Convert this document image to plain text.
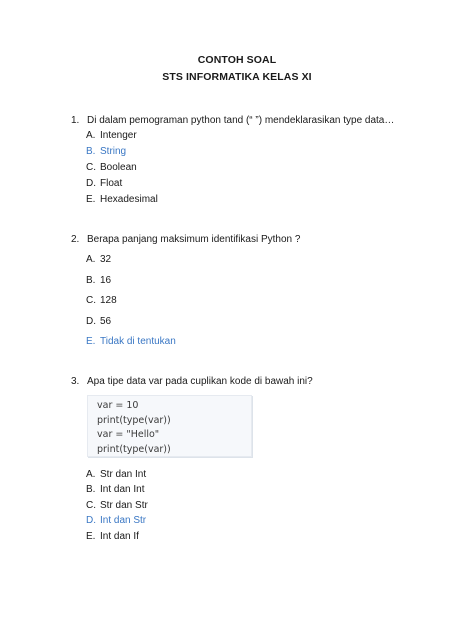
CONTOH SOAL
STS INFORMATIKA KELAS XI
1. Di dalam pemograman python tand (“ ”) mendeklarasikan type data…
A. Intenger
B. String
C. Boolean
D. Float
E. Hexadesimal
2. Berapa panjang maksimum identifikasi Python ?
A. 32
B. 16
C. 128
D. 56
E. Tidak di tentukan
3. Apa tipe data var pada cuplikan kode di bawah ini?
var = 10
print(type(var))
var = "Hello"
print(type(var))
A. Str dan Int
B. Int dan Int
C. Str dan Str
D. Int dan Str
E. Int dan If
